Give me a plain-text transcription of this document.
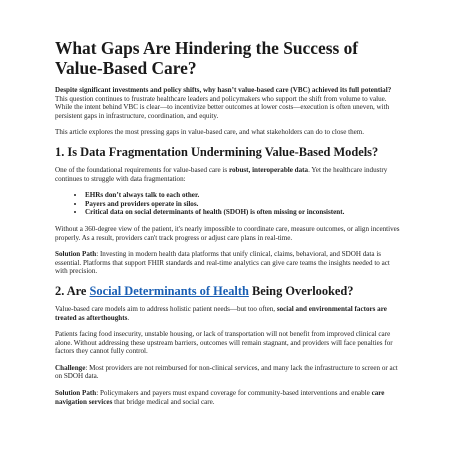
What Gaps Are Hindering the Success of Value-Based Care?

Despite significant investments and policy shifts, why hasn’t value-based care (VBC) achieved its full potential? This question continues to frustrate healthcare leaders and policymakers who support the shift from volume to value. While the intent behind VBC is clear—to incentivize better outcomes at lower costs—execution is often uneven, with persistent gaps in infrastructure, coordination, and equity.

This article explores the most pressing gaps in value-based care, and what stakeholders can do to close them.

1. Is Data Fragmentation Undermining Value-Based Models?

One of the foundational requirements for value-based care is robust, interoperable data. Yet the healthcare industry continues to struggle with data fragmentation:

• EHRs don’t always talk to each other.
• Payers and providers operate in silos.
• Critical data on social determinants of health (SDOH) is often missing or inconsistent.

Without a 360-degree view of the patient, it's nearly impossible to coordinate care, measure outcomes, or align incentives properly. As a result, providers can't track progress or adjust care plans in real-time.

Solution Path: Investing in modern health data platforms that unify clinical, claims, behavioral, and SDOH data is essential. Platforms that support FHIR standards and real-time analytics can give care teams the insights needed to act with precision.

2. Are Social Determinants of Health Being Overlooked?

Value-based care models aim to address holistic patient needs—but too often, social and environmental factors are treated as afterthoughts.

Patients facing food insecurity, unstable housing, or lack of transportation will not benefit from improved clinical care alone. Without addressing these upstream barriers, outcomes will remain stagnant, and providers will face penalties for factors they cannot fully control.

Challenge: Most providers are not reimbursed for non-clinical services, and many lack the infrastructure to screen or act on SDOH data.

Solution Path: Policymakers and payers must expand coverage for community-based interventions and enable care navigation services that bridge medical and social care.
